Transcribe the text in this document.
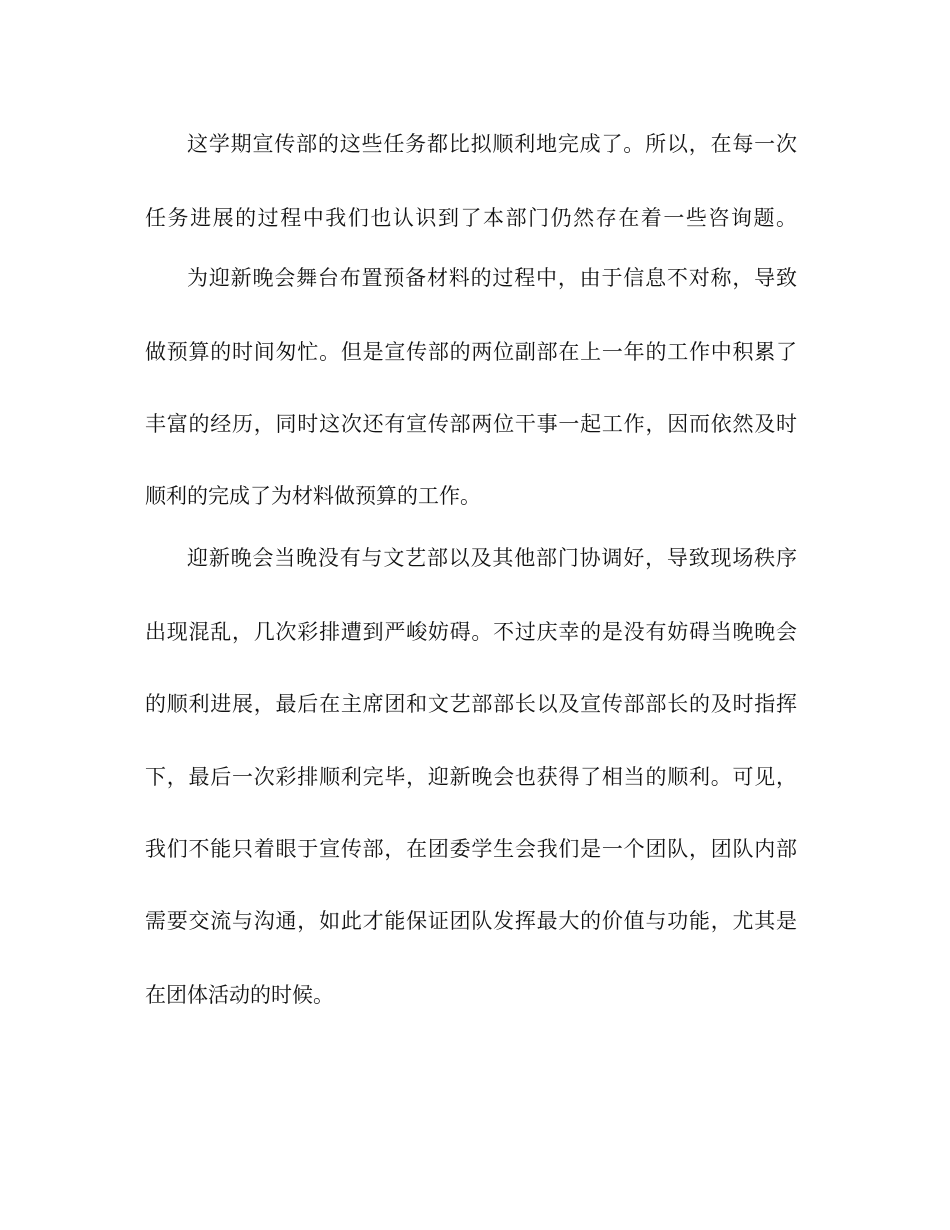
这学期宣传部的这些任务都比拟顺利地完成了。所以，在每一次
任务进展的过程中我们也认识到了本部门仍然存在着一些咨询题。
为迎新晚会舞台布置预备材料的过程中，由于信息不对称，导致
做预算的时间匆忙。但是宣传部的两位副部在上一年的工作中积累了
丰富的经历，同时这次还有宣传部两位干事一起工作，因而依然及时
顺利的完成了为材料做预算的工作。
迎新晚会当晚没有与文艺部以及其他部门协调好，导致现场秩序
出现混乱，几次彩排遭到严峻妨碍。不过庆幸的是没有妨碍当晚晚会
的顺利进展，最后在主席团和文艺部部长以及宣传部部长的及时指挥
下，最后一次彩排顺利完毕，迎新晚会也获得了相当的顺利。可见，
我们不能只着眼于宣传部，在团委学生会我们是一个团队，团队内部
需要交流与沟通，如此才能保证团队发挥最大的价值与功能，尤其是
在团体活动的时候。
